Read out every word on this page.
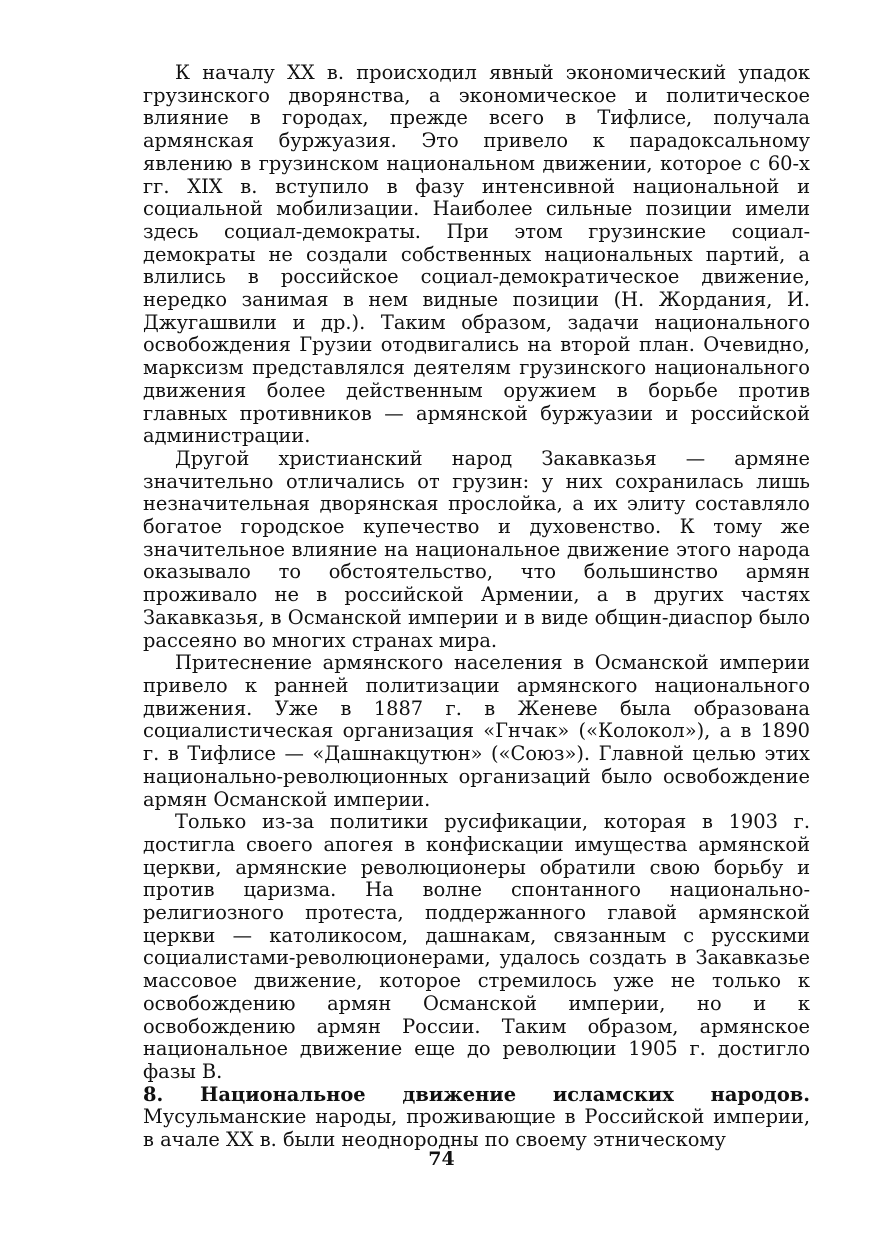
К началу XX в. происходил явный экономический упадок грузинского дворянства, а экономическое и политическое влияние в городах, прежде всего в Тифлисе, получала армянская буржуазия. Это привело к парадоксальному явлению в грузинском национальном движении, которое с 60-х гг. XIX в. вступило в фазу интенсивной национальной и социальной мобилизации. Наиболее сильные позиции имели здесь социал-демократы. При этом грузинские социал-демократы не создали собственных национальных партий, а влились в российское социал-демократическое движение, нередко занимая в нем видные позиции (Н. Жордания, И. Джугашвили и др.). Таким образом, задачи национального освобождения Грузии отодвигались на второй план. Очевидно, марксизм представлялся деятелям грузинского национального движения более действенным оружием в борьбе против главных противников — армянской буржуазии и российской администрации.

Другой христианский народ Закавказья — армяне значительно отличались от грузин: у них сохранилась лишь незначительная дворянская прослойка, а их элиту составляло богатое городское купечество и духовенство. К тому же значительное влияние на национальное движение этого народа оказывало то обстоятельство, что большинство армян проживало не в российской Армении, а в других частях Закавказья, в Османской империи и в виде общин-диаспор было рассеяно во многих странах мира.

Притеснение армянского населения в Османской империи привело к ранней политизации армянского национального движения. Уже в 1887 г. в Женеве была образована социалистическая организация «Гнчак» («Колокол»), а в 1890 г. в Тифлисе — «Дашнакцутюн» («Союз»). Главной целью этих национально-революционных организаций было освобождение армян Османской империи.

Только из-за политики русификации, которая в 1903 г. достигла своего апогея в конфискации имущества армянской церкви, армянские революционеры обратили свою борьбу и против царизма. На волне спонтанного национально-религиозного протеста, поддержанного главой армянской церкви — католикосом, дашнакам, связанным с русскими социалистами-революционерами, удалось создать в Закавказье массовое движение, которое стремилось уже не только к освобождению армян Османской империи, но и к освобождению армян России. Таким образом, армянское национальное движение еще до революции 1905 г. достигло фазы B.

8. Национальное движение исламских народов. Мусульманские народы, проживающие в Российской империи, в ачале XX в. были неоднородны по своему этническому

74
